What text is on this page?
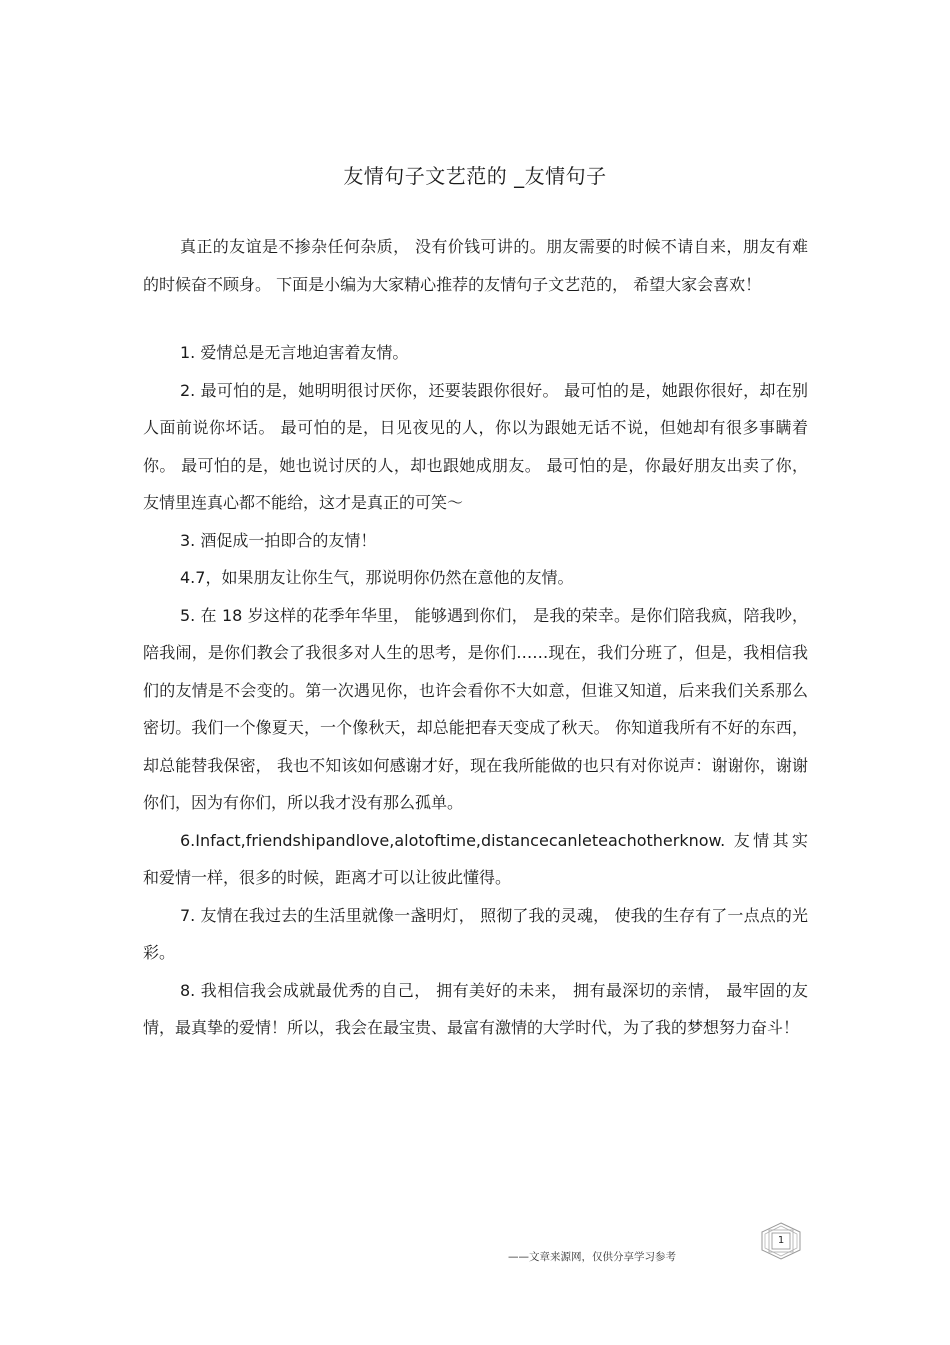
友情句子文艺范的 _友情句子

真正的友谊是不掺杂任何杂质， 没有价钱可讲的。朋友需要的时候不请自来，朋友有难的时候奋不顾身。 下面是小编为大家精心推荐的友情句子文艺范的， 希望大家会喜欢！

1. 爱情总是无言地迫害着友情。

2. 最可怕的是，她明明很讨厌你，还要装跟你很好。 最可怕的是，她跟你很好，却在别人面前说你坏话。 最可怕的是，日见夜见的人，你以为跟她无话不说，但她却有很多事瞒着你。 最可怕的是，她也说讨厌的人，却也跟她成朋友。 最可怕的是，你最好朋友出卖了你，友情里连真心都不能给，这才是真正的可笑～

3. 酒促成一拍即合的友情！

4.7，如果朋友让你生气，那说明你仍然在意他的友情。

5. 在 18 岁这样的花季年华里， 能够遇到你们， 是我的荣幸。是你们陪我疯，陪我吵，陪我闹，是你们教会了我很多对人生的思考，是你们……现在，我们分班了，但是，我相信我们的友情是不会变的。第一次遇见你，也许会看你不大如意，但谁又知道，后来我们关系那么密切。我们一个像夏天，一个像秋天，却总能把春天变成了秋天。 你知道我所有不好的东西， 却总能替我保密， 我也不知该如何感谢才好，现在我所能做的也只有对你说声：谢谢你，谢谢你们，因为有你们，所以我才没有那么孤单。

6.Infact,friendshipandlove,alotoftime,distancecanleteachotherknow. 友情其实和爱情一样，很多的时候，距离才可以让彼此懂得。

7. 友情在我过去的生活里就像一盏明灯， 照彻了我的灵魂， 使我的生存有了一点点的光彩。

8. 我相信我会成就最优秀的自己， 拥有美好的未来， 拥有最深切的亲情， 最牢固的友情，最真挚的爱情！所以，我会在最宝贵、最富有激情的大学时代，为了我的梦想努力奋斗！

——文章来源网，仅供分享学习参考
1
